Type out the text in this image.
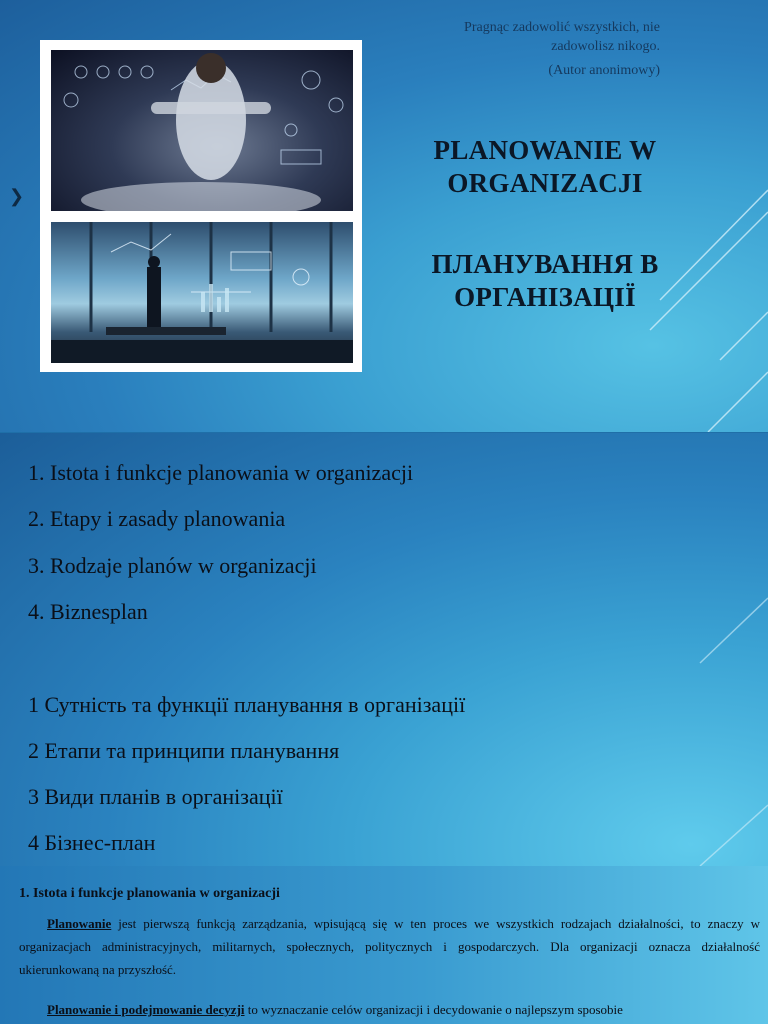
❯
Pragnąc zadowolić wszystkich, nie zadowolisz nikogo.
(Autor anonimowy)
PLANOWANIE W ORGANIZACJI
ПЛАНУВАННЯ В ОРГАНІЗАЦІЇ
1. Istota i funkcje planowania w organizacji
2. Etapy i zasady planowania
3. Rodzaje planów w organizacji
4. Biznesplan
1 Сутність та функції планування в організації
2 Етапи та принципи планування
3 Види планів в організації
4 Бізнес-план
1. Istota i funkcje planowania w organizacji
Planowanie jest pierwszą funkcją zarządzania, wpisującą się w ten proces we wszystkich rodzajach działalności, to znaczy w organizacjach administracyjnych, militarnych, społecznych, politycznych i gospodarczych. Dla organizacji oznacza działalność ukierunkowaną na przyszłość.
Planowanie i podejmowanie decyzji to wyznaczanie celów organizacji i decydowanie o najlepszym sposobie
